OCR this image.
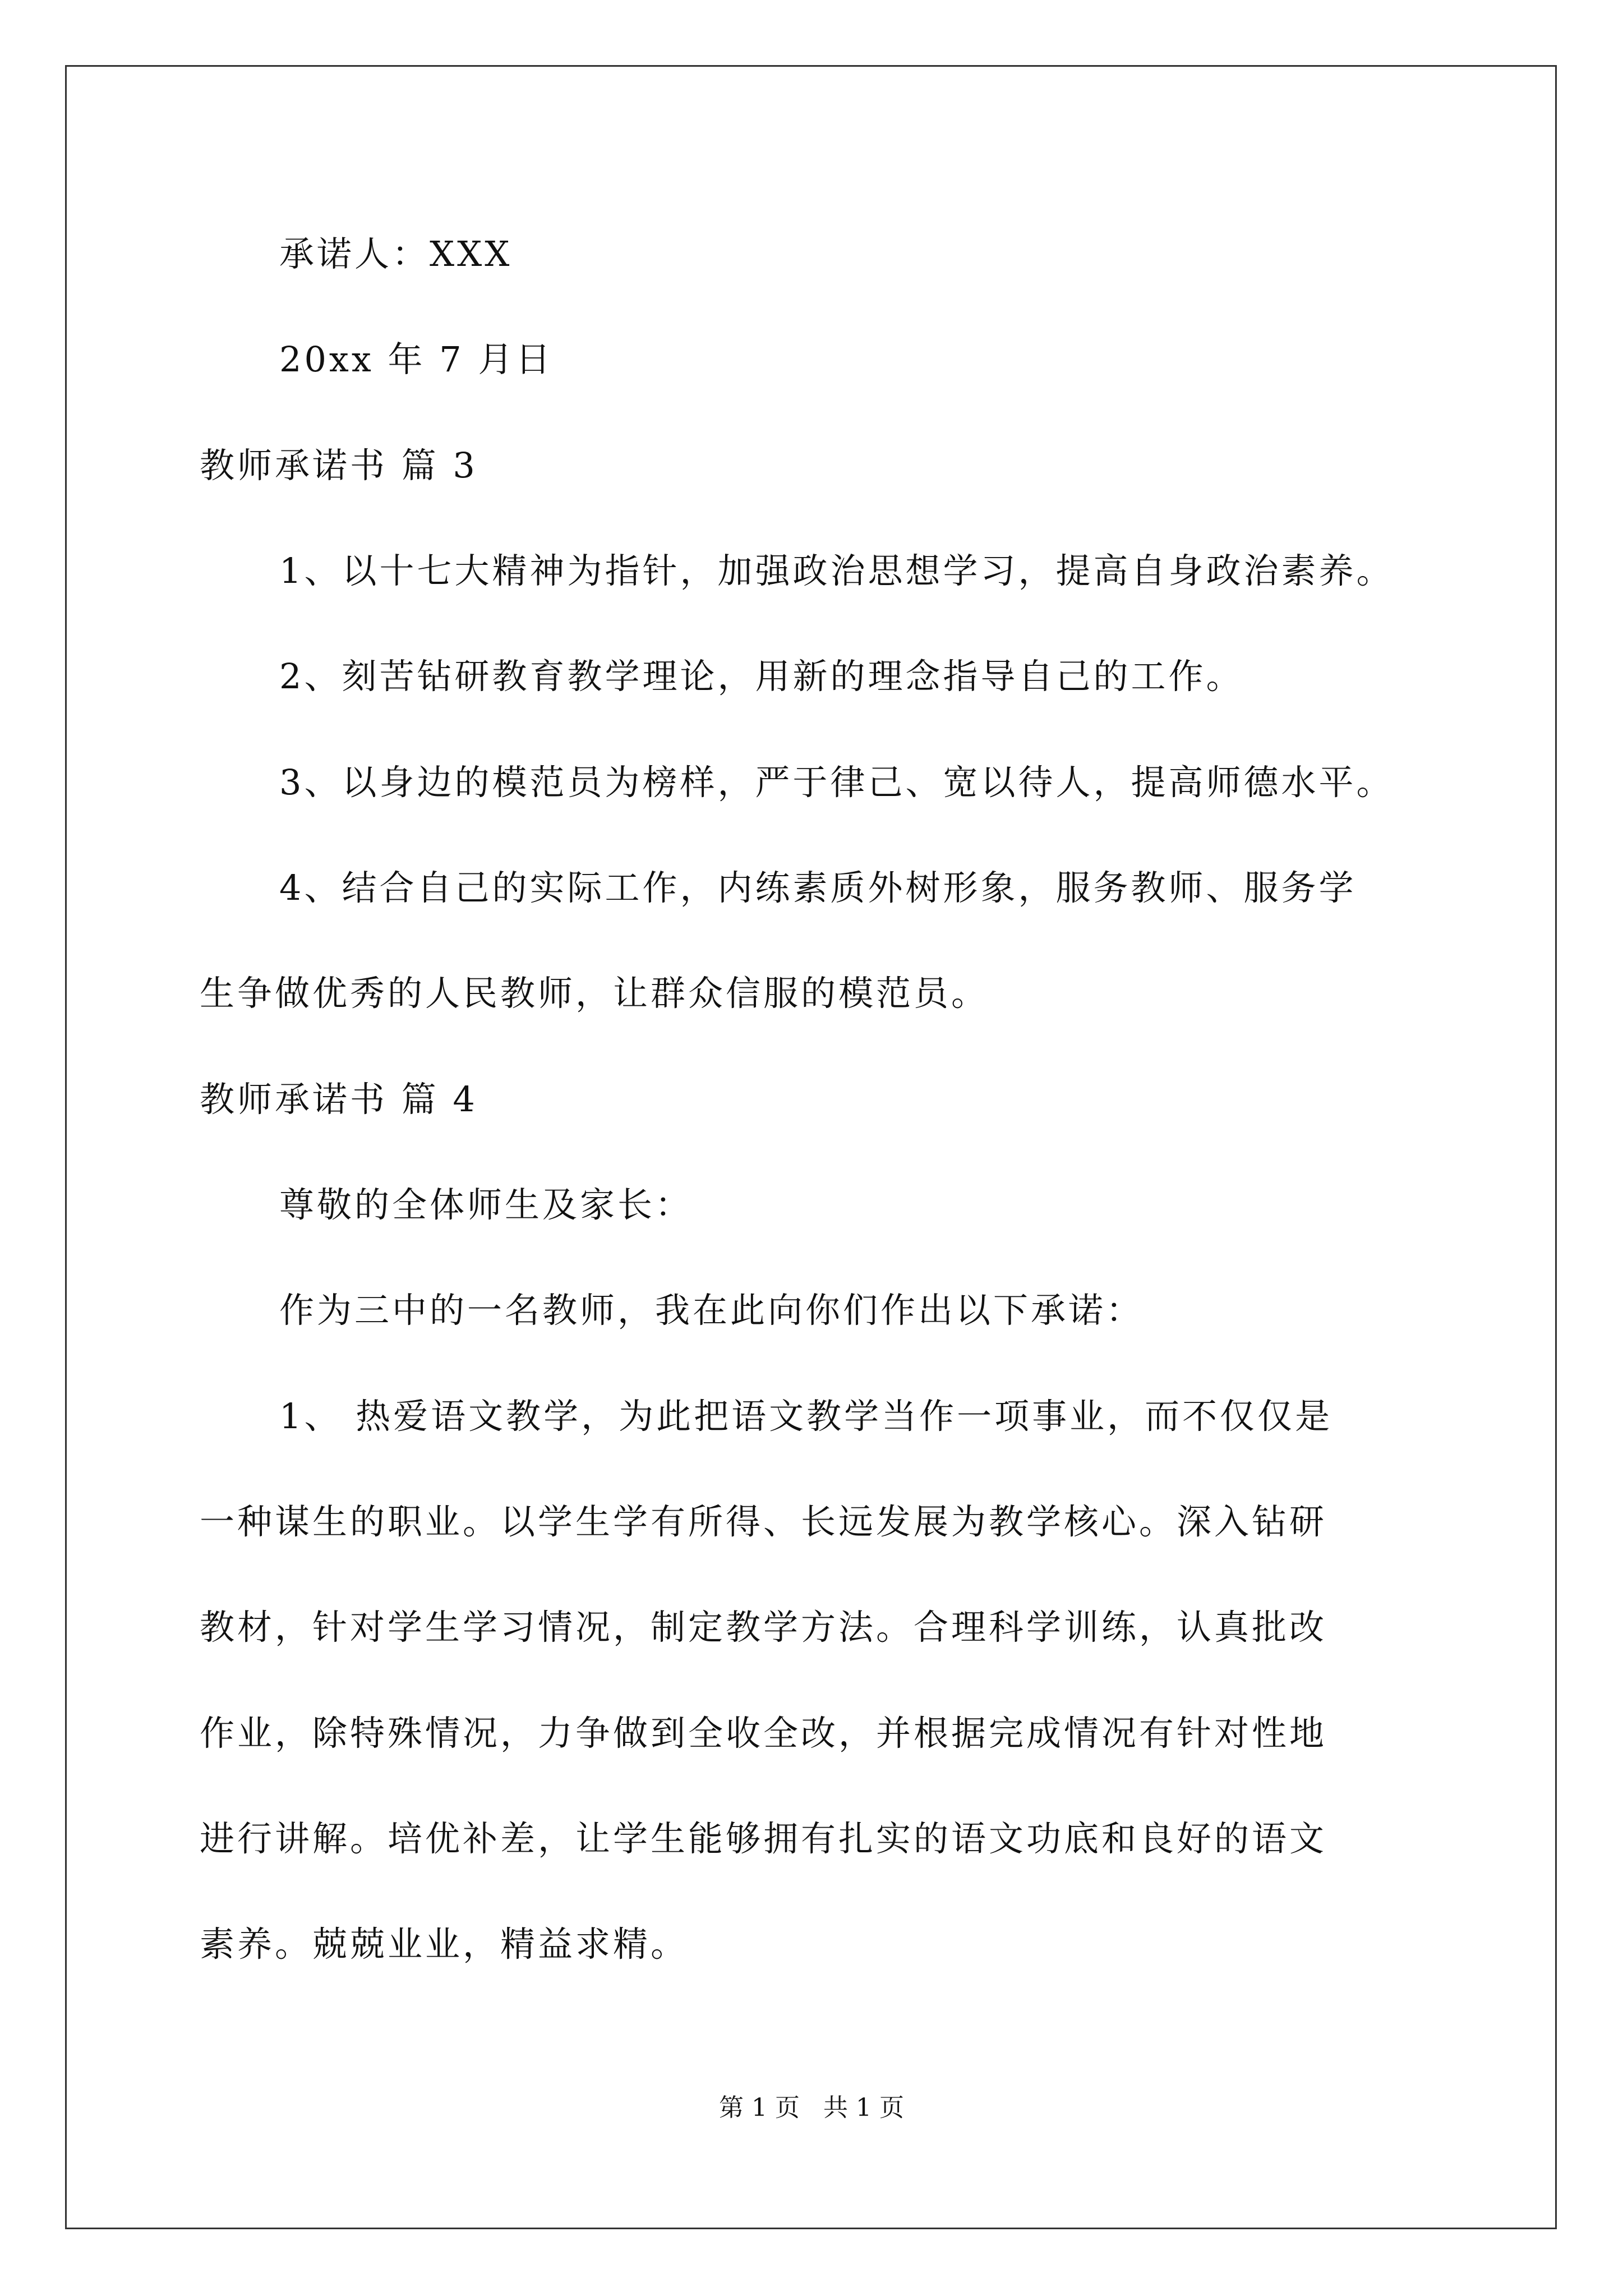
承诺人：XXX

20xx 年 7 月日

教师承诺书 篇 3

1、以十七大精神为指针，加强政治思想学习，提高自身政治素养。

2、刻苦钻研教育教学理论，用新的理念指导自己的工作。

3、以身边的模范员为榜样，严于律己、宽以待人，提高师德水平。

4、结合自己的实际工作，内练素质外树形象，服务教师、服务学

生争做优秀的人民教师，让群众信服的模范员。

教师承诺书 篇 4

尊敬的全体师生及家长：

作为三中的一名教师，我在此向你们作出以下承诺：

1、 热爱语文教学，为此把语文教学当作一项事业，而不仅仅是

一种谋生的职业。以学生学有所得、长远发展为教学核心。深入钻研

教材，针对学生学习情况，制定教学方法。合理科学训练，认真批改

作业，除特殊情况，力争做到全收全改，并根据完成情况有针对性地

进行讲解。培优补差，让学生能够拥有扎实的语文功底和良好的语文

素养。兢兢业业，精益求精。

第 1 页   共 1 页
